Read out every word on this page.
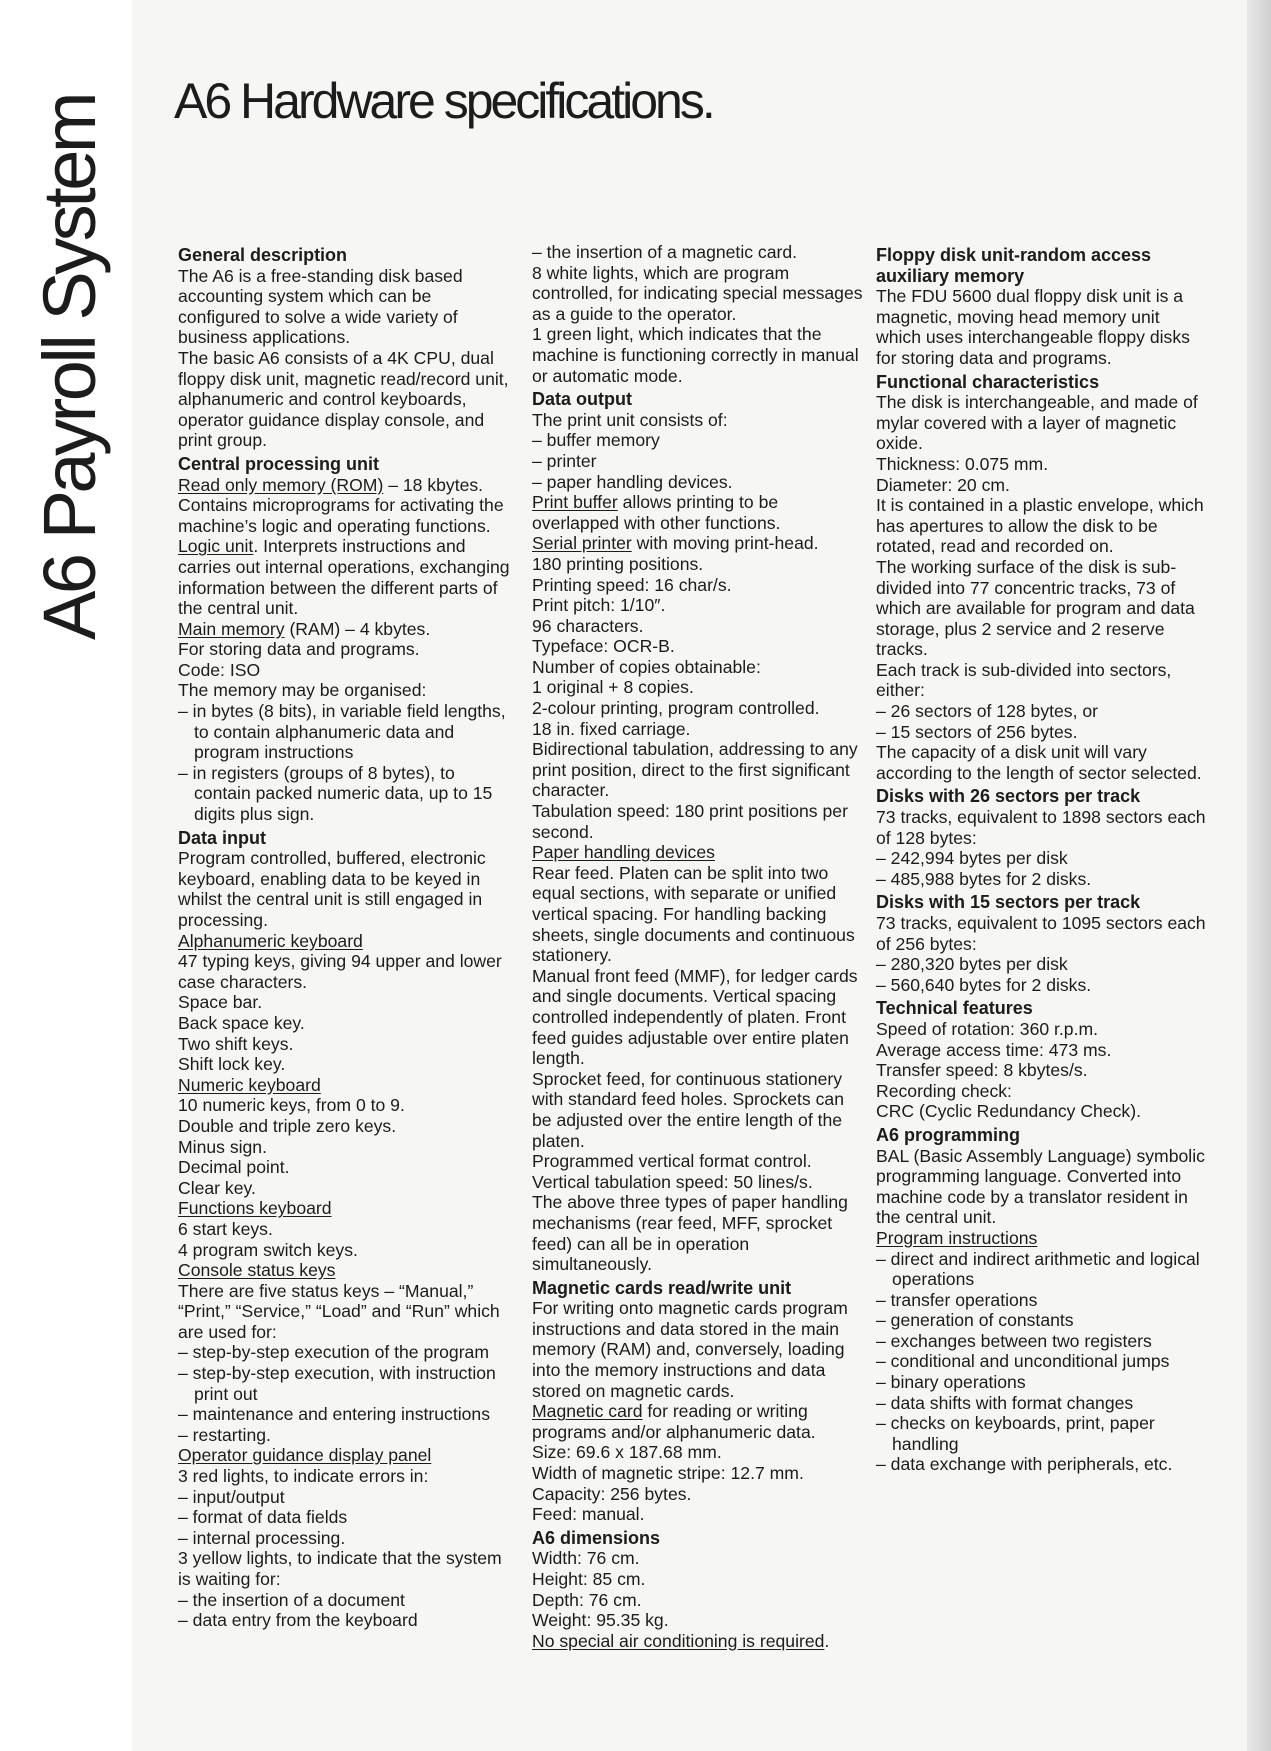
A6 Payroll System A6 Hardware specifications.
General description

The A6 is a free-standing disk based accounting system which can be configured to solve a wide variety of business applications.

The basic A6 consists of a 4K CPU, dual floppy disk unit, magnetic read/record unit, alphanumeric and control keyboards, operator guidance display console, and print group.

Central processing unit

Read only memory (ROM) – 18 kbytes.

Contains microprograms for activating the machine’s logic and operating functions.

Logic unit. Interprets instructions and carries out internal operations, exchanging information between the different parts of the central unit.

Main memory (RAM) – 4 kbytes.

For storing data and programs.

Code: ISO

The memory may be organised:

– in bytes (8 bits), in variable field lengths, to contain alphanumeric data and program instructions

– in registers (groups of 8 bytes), to contain packed numeric data, up to 15 digits plus sign.

Data input

Program controlled, buffered, electronic keyboard, enabling data to be keyed in whilst the central unit is still engaged in processing.

Alphanumeric keyboard

47 typing keys, giving 94 upper and lower case characters.

Space bar.

Back space key.

Two shift keys.

Shift lock key.

Numeric keyboard

10 numeric keys, from 0 to 9.

Double and triple zero keys.

Minus sign.

Decimal point.

Clear key.

Functions keyboard

6 start keys.

4 program switch keys.

Console status keys

There are five status keys – “Manual,” “Print,” “Service,” “Load” and “Run” which are used for:

– step-by-step execution of the program

– step-by-step execution, with instruction print out

– maintenance and entering instructions

– restarting.

Operator guidance display panel

3 red lights, to indicate errors in:

– input/output

– format of data fields

– internal processing.

3 yellow lights, to indicate that the system is waiting for:

– the insertion of a document

– data entry from the keyboard

– the insertion of a magnetic card.

8 white lights, which are program controlled, for indicating special messages as a guide to the operator.

1 green light, which indicates that the machine is functioning correctly in manual or automatic mode.

Data output

The print unit consists of:

– buffer memory

– printer

– paper handling devices.

Print buffer allows printing to be overlapped with other functions.

Serial printer with moving print-head.

180 printing positions.

Printing speed: 16 char/s.

Print pitch: 1/10″.

96 characters.

Typeface: OCR-B.

Number of copies obtainable:

1 original + 8 copies.

2-colour printing, program controlled.

18 in. fixed carriage.

Bidirectional tabulation, addressing to any print position, direct to the first significant character.

Tabulation speed: 180 print positions per second.

Paper handling devices

Rear feed. Platen can be split into two equal sections, with separate or unified vertical spacing. For handling backing sheets, single documents and continuous stationery.

Manual front feed (MMF), for ledger cards and single documents. Vertical spacing controlled independently of platen. Front feed guides adjustable over entire platen length.

Sprocket feed, for continuous stationery with standard feed holes. Sprockets can be adjusted over the entire length of the platen.

Programmed vertical format control.

Vertical tabulation speed: 50 lines/s.

The above three types of paper handling mechanisms (rear feed, MFF, sprocket feed) can all be in operation simultaneously.

Magnetic cards read/write unit

For writing onto magnetic cards program instructions and data stored in the main memory (RAM) and, conversely, loading into the memory instructions and data stored on magnetic cards.

Magnetic card for reading or writing programs and/or alphanumeric data.

Size: 69.6 x 187.68 mm.

Width of magnetic stripe: 12.7 mm.

Capacity: 256 bytes.

Feed: manual.

A6 dimensions

Width: 76 cm.

Height: 85 cm.

Depth: 76 cm.

Weight: 95.35 kg.

No special air conditioning is required.

Floppy disk unit-random access auxiliary memory

The FDU 5600 dual floppy disk unit is a magnetic, moving head memory unit which uses interchangeable floppy disks for storing data and programs.

Functional characteristics

The disk is interchangeable, and made of mylar covered with a layer of magnetic oxide.

Thickness: 0.075 mm.

Diameter: 20 cm.

It is contained in a plastic envelope, which has apertures to allow the disk to be rotated, read and recorded on.

The working surface of the disk is sub-divided into 77 concentric tracks, 73 of which are available for program and data storage, plus 2 service and 2 reserve tracks.

Each track is sub-divided into sectors, either:

– 26 sectors of 128 bytes, or

– 15 sectors of 256 bytes.

The capacity of a disk unit will vary according to the length of sector selected.

Disks with 26 sectors per track

73 tracks, equivalent to 1898 sectors each of 128 bytes:

– 242,994 bytes per disk

– 485,988 bytes for 2 disks.

Disks with 15 sectors per track

73 tracks, equivalent to 1095 sectors each of 256 bytes:

– 280,320 bytes per disk

– 560,640 bytes for 2 disks.

Technical features

Speed of rotation: 360 r.p.m.

Average access time: 473 ms.

Transfer speed: 8 kbytes/s.

Recording check:

CRC (Cyclic Redundancy Check).

A6 programming

BAL (Basic Assembly Language) symbolic programming language. Converted into machine code by a translator resident in the central unit.

Program instructions

– direct and indirect arithmetic and logical operations

– transfer operations

– generation of constants

– exchanges between two registers

– conditional and unconditional jumps

– binary operations

– data shifts with format changes

– checks on keyboards, print, paper handling

– data exchange with peripherals, etc.
